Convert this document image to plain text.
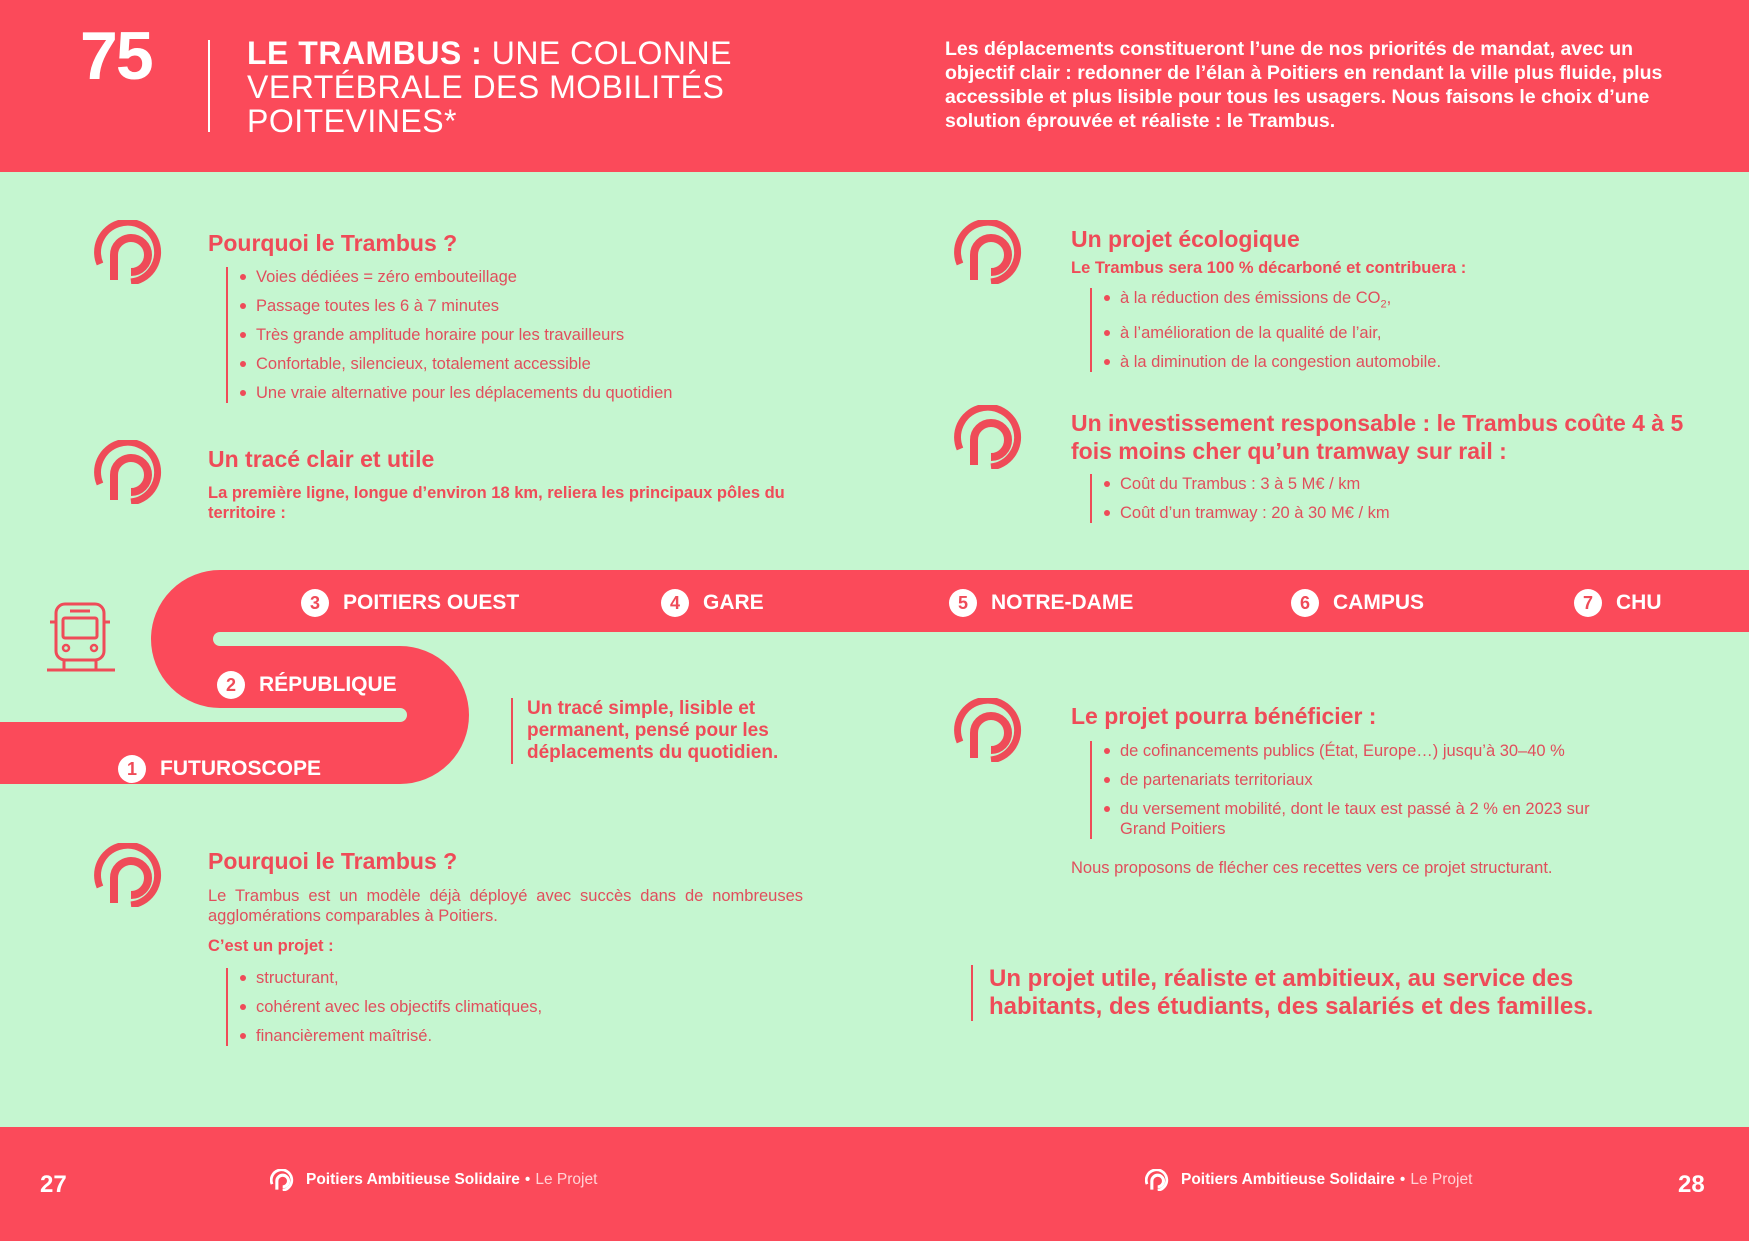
75	LE TRAMBUS : UNE COLONNE VERTÉBRALE DES MOBILITÉS POITEVINES*
Les déplacements constitueront l’une de nos priorités de mandat, avec un objectif clair : redonner de l’élan à Poitiers en rendant la ville plus fluide, plus accessible et plus lisible pour tous les usagers. Nous faisons le choix d’une solution éprouvée et réaliste : le Trambus.
Pourquoi le Trambus ?
Voies dédiées = zéro embouteillage
Passage toutes les 6 à 7 minutes
Très grande amplitude horaire pour les travailleurs
Confortable, silencieux, totalement accessible
Une vraie alternative pour les déplacements du quotidien
Un tracé clair et utile
La première ligne, longue d’environ 18 km, reliera les principaux pôles du territoire :
3	POITIERS OUEST	4	GARE	5	NOTRE-DAME	6	CAMPUS	7	CHU
2	RÉPUBLIQUE
1	FUTUROSCOPE
Un tracé simple, lisible et permanent, pensé pour les déplacements du quotidien.
Pourquoi le Trambus ?
Le Trambus est un modèle déjà déployé avec succès dans de nombreuses agglomérations comparables à Poitiers.
C’est un projet :
structurant,
cohérent avec les objectifs climatiques,
financièrement maîtrisé.
Un projet écologique
Le Trambus sera 100 % décarboné et contribuera :
à la réduction des émissions de $CO_2$,
à l’amélioration de la qualité de l’air,
à la diminution de la congestion automobile.
Un investissement responsable : le Trambus coûte 4 à 5 fois moins cher qu’un tramway sur rail :
Coût du Trambus : 3 à 5 M€ / km
Coût d’un tramway : 20 à 30 M€ / km
Le projet pourra bénéficier :
de cofinancements publics (État, Europe…) jusqu’à 30–40 %
de partenariats territoriaux
du versement mobilité, dont le taux est passé à 2 % en 2023 sur Grand Poitiers
Nous proposons de flécher ces recettes vers ce projet structurant.
Un projet utile, réaliste et ambitieux, au service des habitants, des étudiants, des salariés et des familles.
27	Poitiers Ambitieuse Solidaire • Le Projet	Poitiers Ambitieuse Solidaire • Le Projet	28
